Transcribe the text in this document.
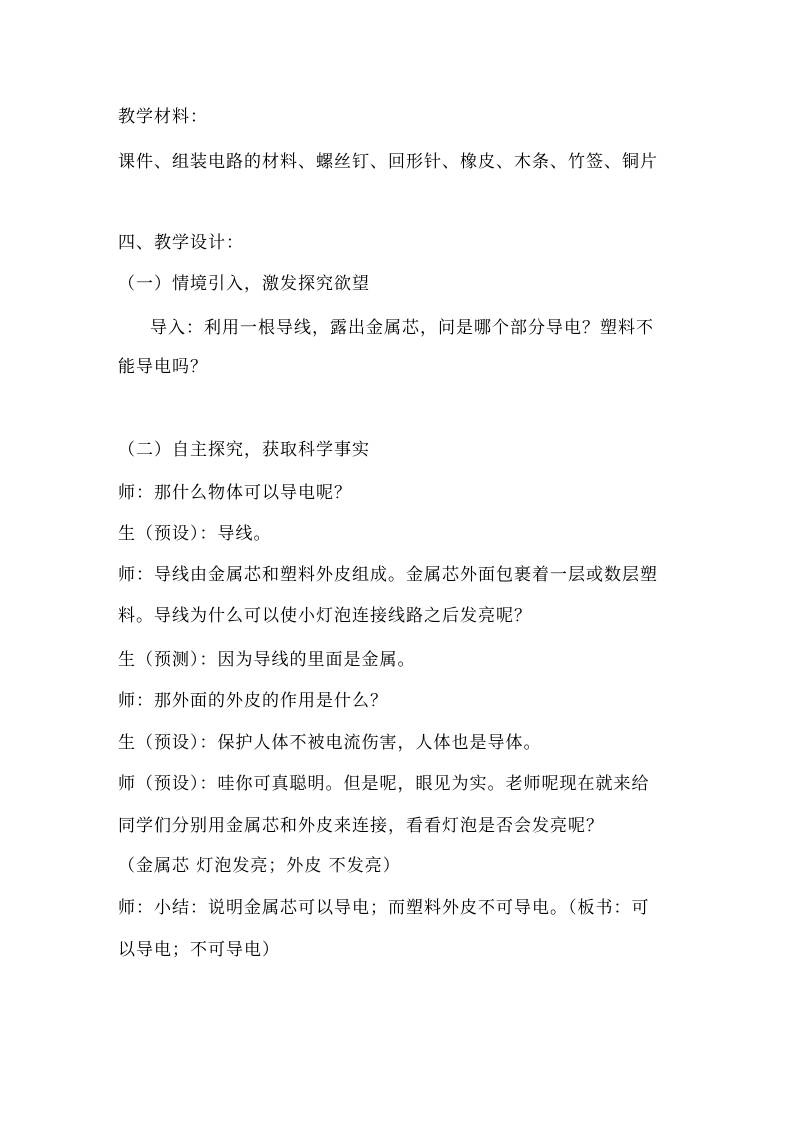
教学材料：
课件、组装电路的材料、螺丝钉、回形针、橡皮、木条、竹签、铜片
四、教学设计：
（一）情境引入，激发探究欲望
导入：利用一根导线，露出金属芯，问是哪个部分导电？塑料不
能导电吗？
（二）自主探究，获取科学事实
师：那什么物体可以导电呢？
生（预设）：导线。
师：导线由金属芯和塑料外皮组成。金属芯外面包裹着一层或数层塑
料。导线为什么可以使小灯泡连接线路之后发亮呢？
生（预测）：因为导线的里面是金属。
师：那外面的外皮的作用是什么？
生（预设）：保护人体不被电流伤害，人体也是导体。
师（预设）：哇你可真聪明。但是呢，眼见为实。老师呢现在就来给
同学们分别用金属芯和外皮来连接，看看灯泡是否会发亮呢？
（金属芯 灯泡发亮；外皮 不发亮）
师：小结：说明金属芯可以导电；而塑料外皮不可导电。（板书：可
以导电；不可导电）
